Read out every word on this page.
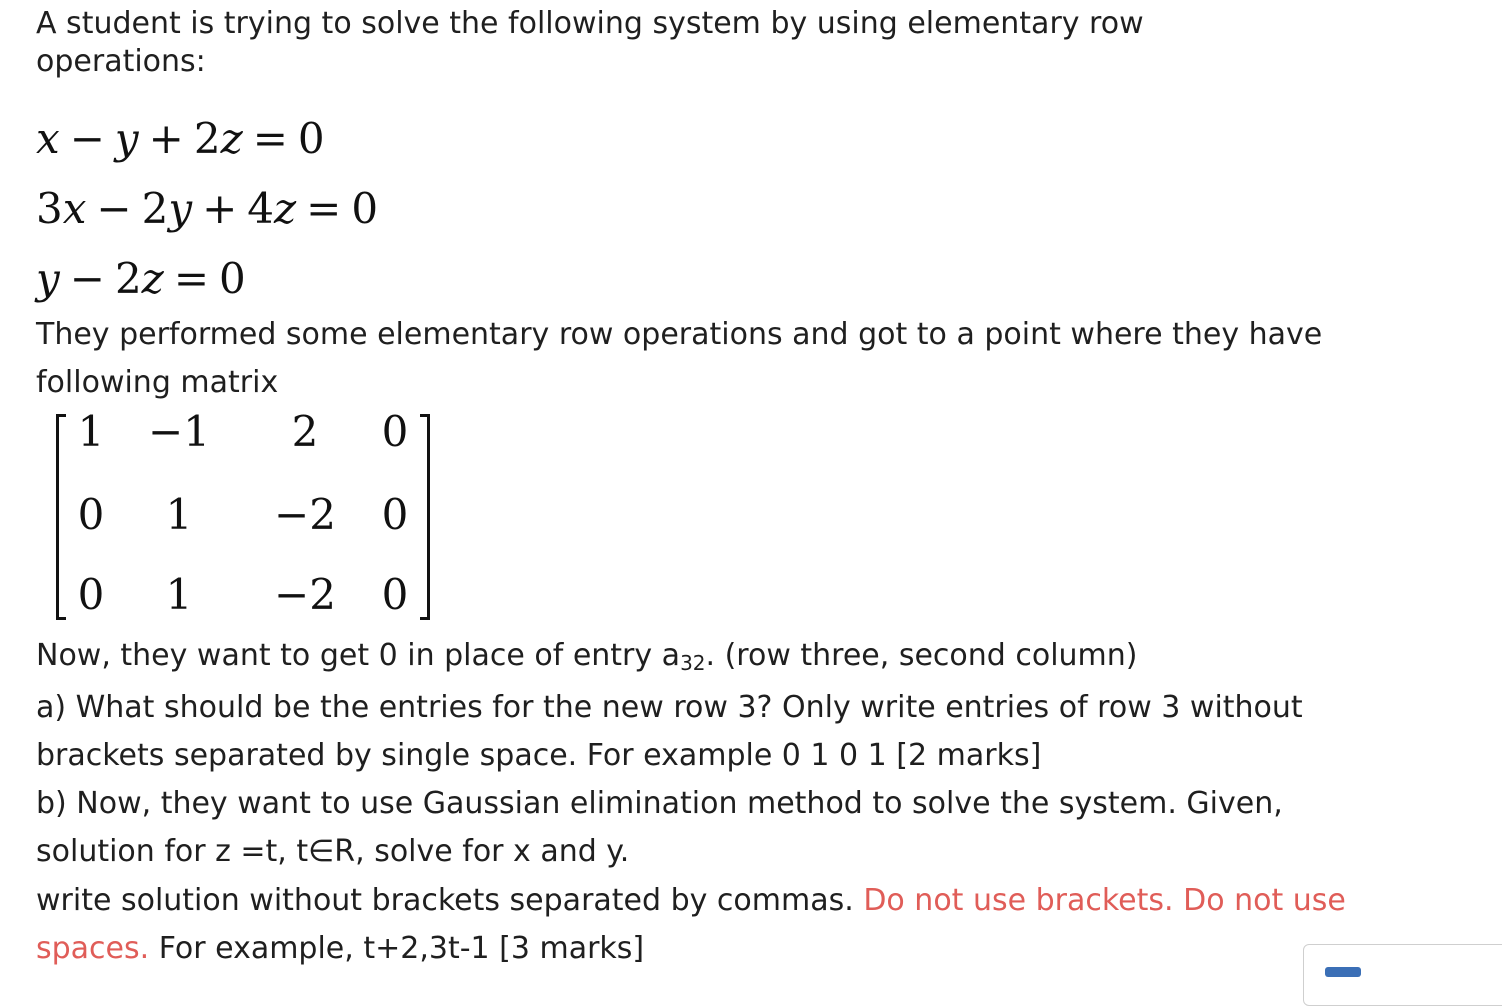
A student is trying to solve the following system by using elementary row

operations:

x − y + 2z = 0
3x − 2y + 4z = 0
y − 2z = 0

They performed some elementary row operations and got to a point where they have

following matrix

1	−1	2	0
0	1	−2	0
0	1	−2	0

Now, they want to get 0 in place of entry $a_{32}$. (row three, second column)

a) What should be the entries for the new row 3? Only write entries of row 3 without

brackets separated by single space. For example 0 1 0 1 [2 marks]

b) Now, they want to use Gaussian elimination method to solve the system. Given,

solution for z =t, t∈R, solve for x and y.

write solution without brackets separated by commas. Do not use brackets. Do not use

spaces. For example, t+2,3t-1 [3 marks]
